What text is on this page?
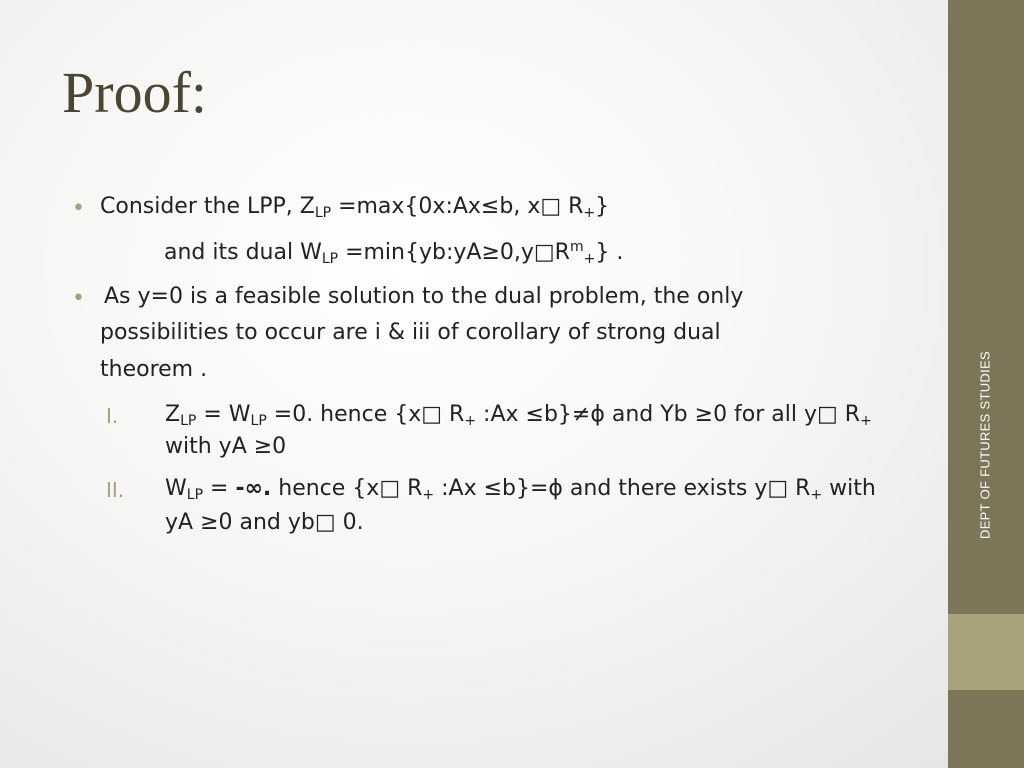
Proof:
• Consider the LPP, $Z_{LP}$ =max{0x:Ax≤b, x□ $R_+$}
and its dual $W_{LP}$ $=\min\{yb:yA\ge 0,y□R^m_+\}$ .
• As y=0 is a feasible solution to the dual problem, the only
possibilities to occur are i & iii of corollary of strong dual
theorem .
I. $Z_{LP} = W_{LP} =0$. hence {x□ $R_+$ :Ax ≤b}≠ϕ and Yb ≥0 for all y□ $R_+$
with yA ≥0
II. $W_{LP}$ = -∞. hence {x□ $R_+$ :Ax ≤b}=ϕ and there exists y□ $R_+$ with
yA ≥0 and yb□ 0.	DEPT OF FUTURES STUDIES
